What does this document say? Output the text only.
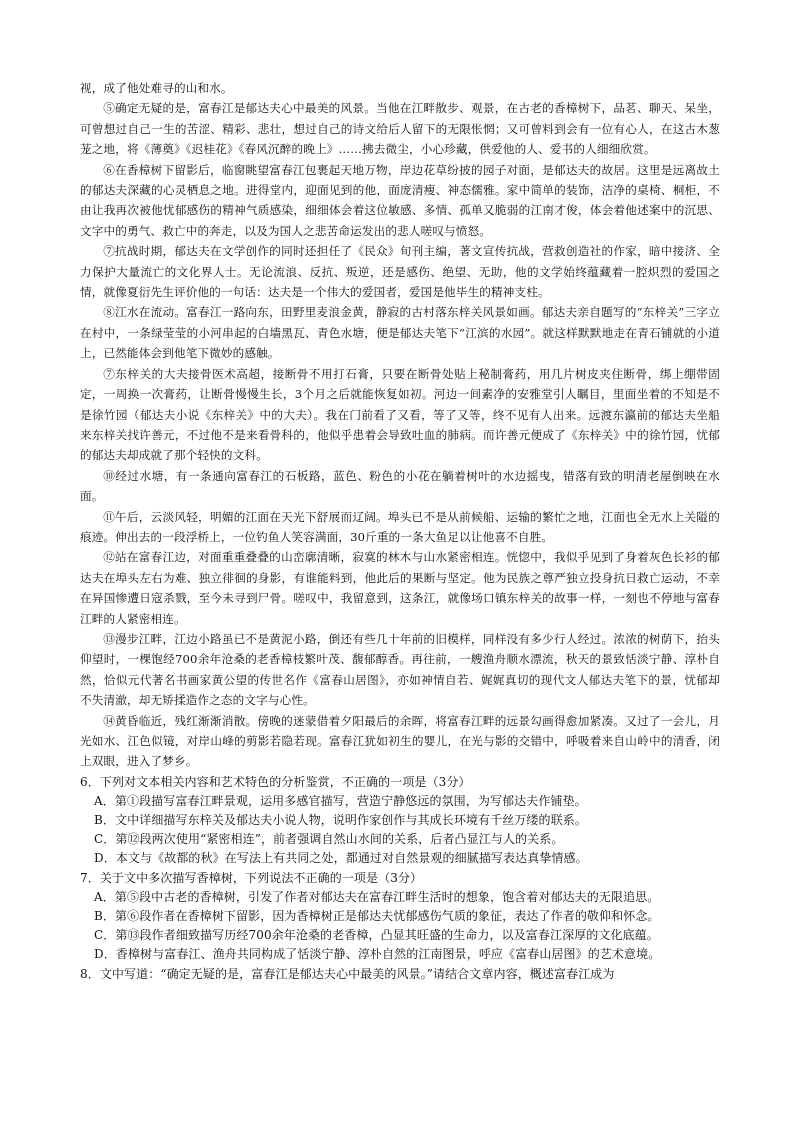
视，成了他处难寻的山和水。

⑤确定无疑的是，富春江是郁达夫心中最美的风景。当他在江畔散步、观景，在古老的香樟树下，品茗、聊天、呆坐，可曾想过自己一生的苦涩、精彩、悲壮，想过自己的诗文给后人留下的无限怅惘；又可曾料到会有一位有心人，在这古木葱茏之地，将《薄奠》《迟桂花》《春风沉醉的晚上》……拂去微尘，小心珍藏，供爱他的人、爱书的人细细欣赏。

⑥在香樟树下留影后，临窗眺望富春江包裹起天地万物，岸边花草纷披的园子对面，是郁达夫的故居。这里是远离故土的郁达夫深藏的心灵栖息之地。进得堂内，迎面见到的他，面庞清瘦、神态儒雅。家中简单的装饰，洁净的桌椅、桐柜，不由让我再次被他忧郁感伤的精神气质感染，细细体会着这位敏感、多情、孤单又脆弱的江南才俊，体会着他述案中的沉思、文字中的勇气、救亡中的奔走，以及为国人之悲苦命运发出的悲人嗟叹与愤怒。

⑦抗战时期，郁达夫在文学创作的同时还担任了《民众》旬刊主编，著文宣传抗战，营救创造社的作家，暗中接济、全力保护大量流亡的文化界人士。无论流浪、反抗、叛逆，还是感伤、绝望、无助，他的文学始终蕴藏着一腔炽烈的爱国之情，就像夏衍先生评价他的一句话：达夫是一个伟大的爱国者，爱国是他毕生的精神支柱。

⑧江水在流动。富春江一路向东，田野里麦浪金黄，静寂的古村落东梓关风景如画。郁达夫亲自题写的“东梓关”三字立在村中，一条绿莹莹的小河串起的白墙黑瓦、青色水塘，便是郁达夫笔下“江滨的水园”。就这样默默地走在青石铺就的小道上，已然能体会到他笔下微妙的感触。

⑦东梓关的大夫接骨医术高超，接断骨不用打石膏，只要在断骨处贴上秘制膏药，用几片树皮夹住断骨，绑上绷带固定，一周换一次膏药，让断骨慢慢生长，3个月之后就能恢复如初。河边一间素净的安雅堂引人瞩目，里面坐着的不知是不是徐竹园（郁达夫小说《东梓关》中的大夫）。我在门前看了又看，等了又等，终不见有人出来。远渡东瀛前的郁达夫坐船来东梓关找许善元，不过他不是来看骨科的，他似乎患着会导致吐血的肺病。而许善元便成了《东梓关》中的徐竹园，忧郁的郁达夫却成就了那个轻快的文科。

⑩经过水塘，有一条通向富春江的石板路，蓝色、粉色的小花在躺着树叶的水边摇曳，错落有致的明清老屋倒映在水面。

⑪午后，云淡风轻，明媚的江面在天光下舒展而辽阔。埠头已不是从前候船、运输的繁忙之地，江面也全无水上关隘的痕迹。伸出去的一段浮桥上，一位钓鱼人笑容满面，30斤重的一条大鱼足以让他喜不自胜。

⑫站在富春江边，对面重重叠叠的山峦廓清晰，寂寞的林木与山水紧密相连。恍惚中，我似乎见到了身着灰色长衫的郁达夫在埠头左右为难、独立徘徊的身影，有谁能料到，他此后的果断与坚定。他为民族之尊严独立投身抗日救亡运动，不幸在异国惨遭日寇杀戮，至今未寻到尸骨。嗟叹中，我留意到，这条江，就像场口镇东梓关的故事一样，一刻也不停地与富春江畔的人紧密相连。

⑬漫步江畔，江边小路虽已不是黄泥小路，倒还有些几十年前的旧模样，同样没有多少行人经过。浓浓的树荫下，抬头仰望时，一棵饱经700余年沧桑的老香樟枝繁叶茂、馥郁醇香。再往前，一艘渔舟顺水漂流，秋天的景致恬淡宁静、淳朴自然，恰似元代著名书画家黄公望的传世名作《富春山居图》，亦如神情自若、娓娓真切的现代文人郁达夫笔下的景，忧郁却不失清澈，却无矫揉造作之态的文字与心性。

⑭黄昏临近，残红渐渐消散。傍晚的迷蒙借着夕阳最后的余晖，将富春江畔的远景勾画得愈加紧凑。又过了一会儿，月光如水、江色似镜，对岸山峰的剪影若隐若现。富春江犹如初生的婴儿，在光与影的交错中，呼吸着来自山岭中的清香，闭上双眼，进入了梦乡。

6．下列对文本相关内容和艺术特色的分析鉴赏，不正确的一项是（3分）

A．第①段描写富春江畔景观，运用多感官描写，营造宁静悠远的氛围，为写郁达夫作铺垫。

B．文中详细描写东梓关及郁达夫小说人物，说明作家创作与其成长环境有千丝万缕的联系。

C．第⑫段两次使用“紧密相连”，前者强调自然山水间的关系，后者凸显江与人的关系。

D．本文与《故都的秋》在写法上有共同之处，都通过对自然景观的细腻描写表达真挚情感。

7．关于文中多次描写香樟树，下列说法不正确的一项是（3分）

A．第⑤段中古老的香樟树，引发了作者对郁达夫在富春江畔生活时的想象，饱含着对郁达夫的无限追思。

B．第⑥段作者在香樟树下留影，因为香樟树正是郁达夫忧郁感伤气质的象征，表达了作者的敬仰和怀念。

C．第⑬段作者细致描写历经700余年沧桑的老香樟，凸显其旺盛的生命力，以及富春江深厚的文化底蕴。

D．香樟树与富春江、渔舟共同构成了恬淡宁静、淳朴自然的江南图景，呼应《富春山居图》的艺术意境。

8．文中写道：“确定无疑的是，富春江是郁达夫心中最美的风景。”请结合文章内容，概述富春江成为
